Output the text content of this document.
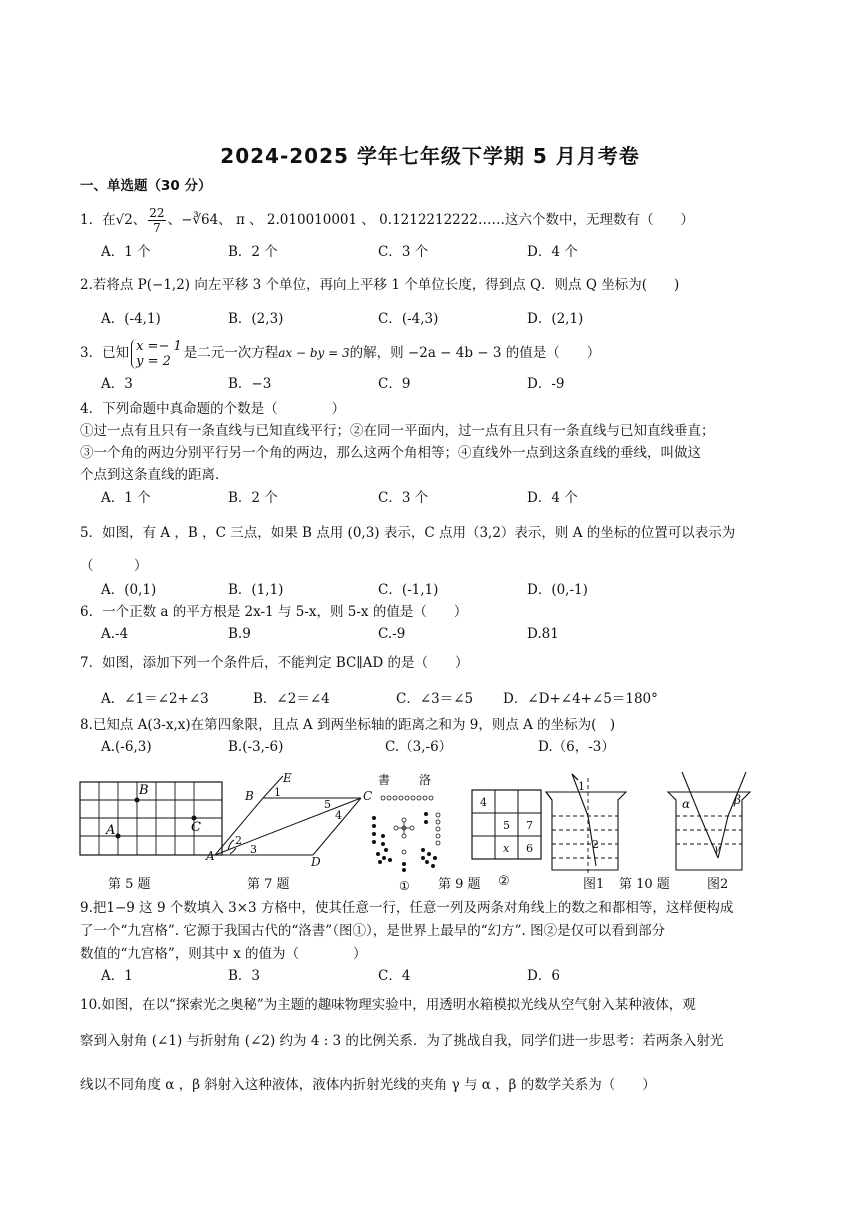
2024-2025 学年七年级下学期 5 月月考卷
一、单选题（30 分）
1．在√2、 $\frac{22}{7}$ 、−∛64、 π 、 2.010010001 、 0.1212212222……这六个数中，无理数有（　　）
A．1 个	B．2 个	C．3 个	D．4 个
2.若将点 P(−1,2) 向左平移 3 个单位，再向上平移 1 个单位长度，得到点 Q．则点 Q 坐标为(　　)
A．(-4,1)	B．(2,3)	C．(-4,3)	D．(2,1)
3．已知 x =− 1
y = 2 是二元一次方程ax − by = 3的解，则 −2a − 4b − 3 的值是（　　）
A．3	B．−3	C．9	D．-9
4．下列命题中真命题的个数是（　　　　）
①过一点有且只有一条直线与已知直线平行；②在同一平面内，过一点有且只有一条直线与已知直线垂直；
③一个角的两边分别平行另一个角的两边，那么这两个角相等；④直线外一点到这条直线的垂线，叫做这
个点到这条直线的距离．
A．1 个	B．2 个	C．3 个	D．4 个
5．如图，有 A ，B ，C 三点，如果 B 点用 (0,3) 表示，C 点用（3,2）表示，则 A 的坐标的位置可以表示为
（　　　）
A．(0,1)	B．(1,1)	C．(-1,1)	D．(0,-1)
6．一个正数 a 的平方根是 2x-1 与 5-x，则 5-x 的值是（　　）
A.-4	B.9	C.-9	D.81
7．如图，添加下列一个条件后，不能判定 BC∥AD 的是（　　）
A．∠1＝∠2+∠3	B．∠2＝∠4	C．∠3＝∠5 D．∠D+∠4+∠5＝180°
8.已知点 A(3-x,x)在第四象限，且点 A 到两坐标轴的距离之和为 9，则点 A 的坐标为(　)
A.(-6,3)	B.(-3,-6)	C.（3,-6）	D.（6，-3）
B
A	C
E
B	C
A	D
1
2
3
4
5
書 洛
①
4
5 7
x 6
1
2
α	β
γ
第 5 题	第 7 题	第 9 题 ②	图1 第 10 题	图2
9.把1−9 这 9 个数填入 3×3 方格中，使其任意一行，任意一列及两条对角线上的数之和都相等，这样便构成
了一个“九宫格”. 它源于我国古代的“洛書”（图①），是世界上最早的“幻方”. 图②是仅可以看到部分
数值的“九宫格”，则其中 x 的值为（　　　　）
A．1	B．3	C．4	D．6
10.如图，在以“探索光之奥秘”为主题的趣味物理实验中，用透明水箱模拟光线从空气射入某种液体，观
察到入射角 (∠1) 与折射角 (∠2) 约为 4 : 3 的比例关系．为了挑战自我，同学们进一步思考：若两条入射光
线以不同角度 α ，β 斜射入这种液体，液体内折射光线的夹角 γ 与 α ，β 的数学关系为（　　）
